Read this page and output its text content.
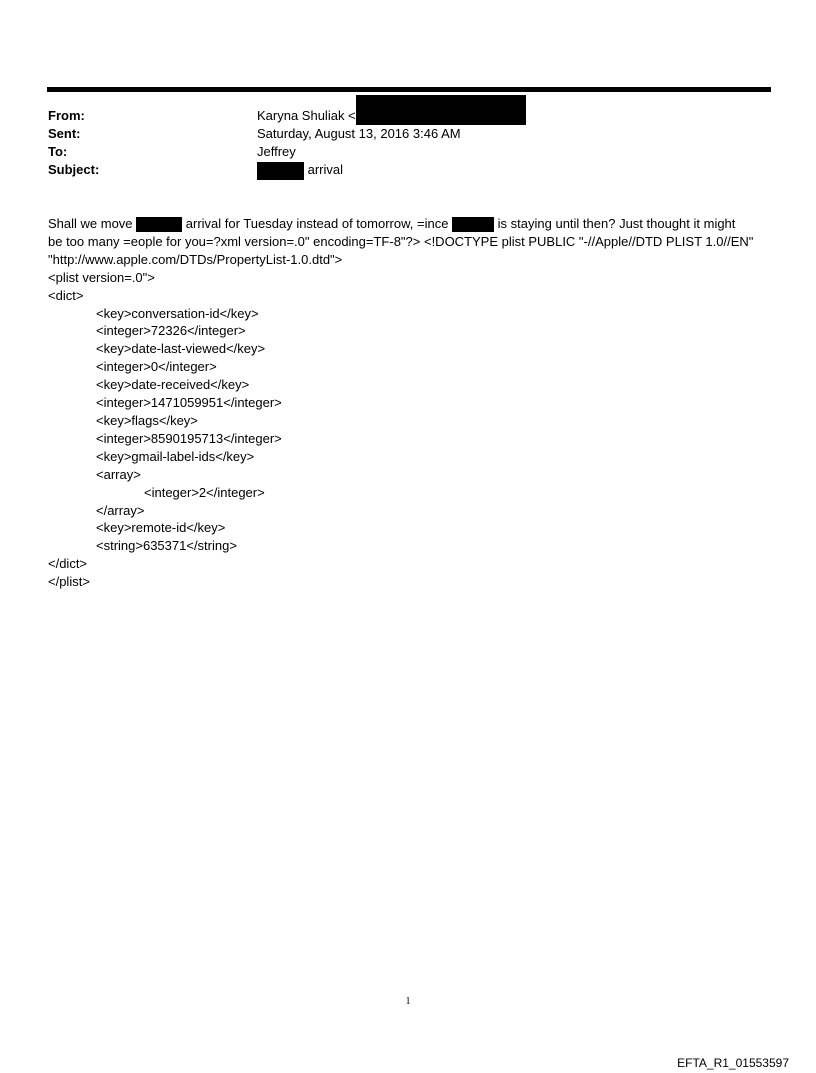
From:	Karyna Shuliak <
Sent:	Saturday, August 13, 2016 3:46 AM
To:	Jeffrey
Subject:	arrival

Shall we move	arrival for Tuesday instead of tomorrow, =ince	is staying until then? Just thought it might

be too many =eople for you=?xml version=.0" encoding=TF-8"?> <!DOCTYPE plist PUBLIC "-//Apple//DTD PLIST 1.0//EN"

"http://www.apple.com/DTDs/PropertyList-1.0.dtd">

<plist version=.0">

<dict>

<key>conversation-id</key>

<integer>72326</integer>

<key>date-last-viewed</key>

<integer>0</integer>

<key>date-received</key>

<integer>1471059951</integer>

<key>flags</key>

<integer>8590195713</integer>

<key>gmail-label-ids</key>

<array>

<integer>2</integer>

</array>

<key>remote-id</key>

<string>635371</string>

</dict>

</plist>

1
EFTA_R1_01553597
